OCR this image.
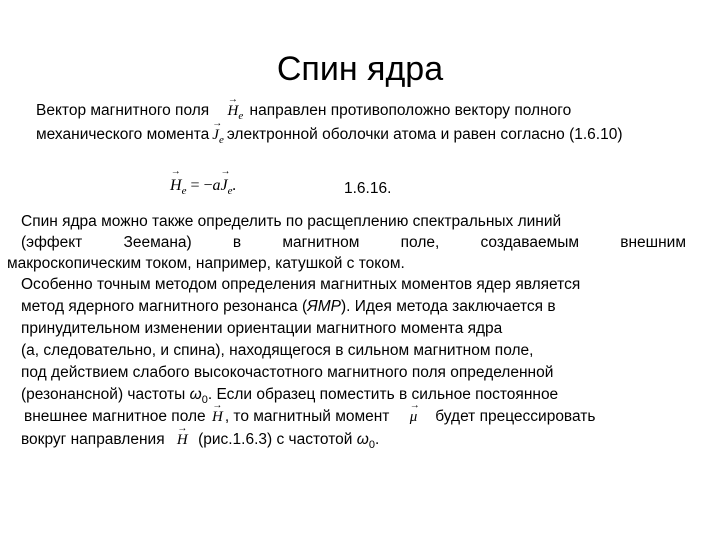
Спин ядра
Вектор магнитного поля → $H_e$ направлен противоположно вектору полного
механического момента → $J_e$ электронной оболочки атома и равен согласно (1.6.10)
→ $H_e = -a\to J_e$.	1.6.16.
Спин ядра можно также определить по расщеплению спектральных линий
(эффект Зеемана) в магнитном поле, создаваемым внешним
макроскопическим током, например, катушкой с током.
Особенно точным методом определения магнитных моментов ядер является
метод ядерного магнитного резонанса (ЯМР). Идея метода заключается в
принудительном изменении ориентации магнитного момента ядра
(а, следовательно, и спина), находящегося в сильном магнитном поле,
под действием слабого высокочастотного магнитного поля определенной
(резонансной) частоты $\omega_0$. Если образец поместить в сильное постоянное
внешнее магнитное поле → H , то магнитный момент → μ будет прецессировать
вокруг направления → H (рис.1.6.3) с частотой $\omega_0$.
